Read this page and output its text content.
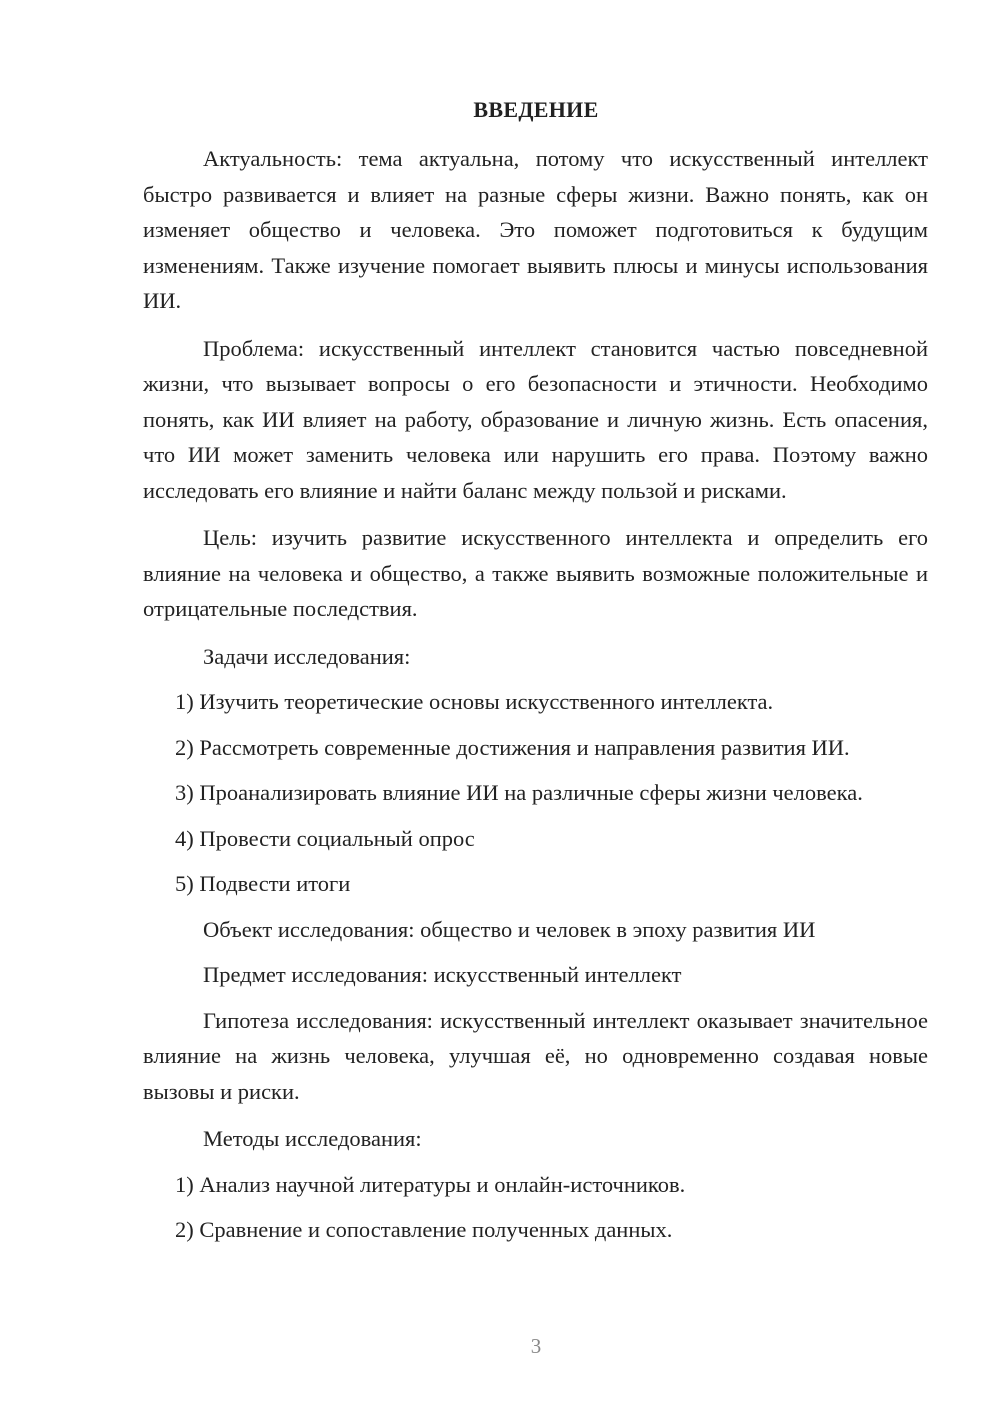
ВВЕДЕНИЕ

Актуальность: тема актуальна, потому что искусственный интеллект быстро развивается и влияет на разные сферы жизни. Важно понять, как он изменяет общество и человека. Это поможет подготовиться к будущим изменениям. Также изучение помогает выявить плюсы и минусы использования ИИ.

Проблема: искусственный интеллект становится частью повседневной жизни, что вызывает вопросы о его безопасности и этичности. Необходимо понять, как ИИ влияет на работу, образование и личную жизнь. Есть опасения, что ИИ может заменить человека или нарушить его права. Поэтому важно исследовать его влияние и найти баланс между пользой и рисками.

Цель: изучить развитие искусственного интеллекта и определить его влияние на человека и общество, а также выявить возможные положительные и отрицательные последствия.

Задачи исследования:

1) Изучить теоретические основы искусственного интеллекта.

2) Рассмотреть современные достижения и направления развития ИИ.

3) Проанализировать влияние ИИ на различные сферы жизни человека.

4) Провести социальный опрос

5) Подвести итоги

Объект исследования: общество и человек в эпоху развития ИИ

Предмет исследования: искусственный интеллект

Гипотеза исследования: искусственный интеллект оказывает значительное влияние на жизнь человека, улучшая её, но одновременно создавая новые вызовы и риски.

Методы исследования:

1) Анализ научной литературы и онлайн-источников.

2) Сравнение и сопоставление полученных данных.

3
